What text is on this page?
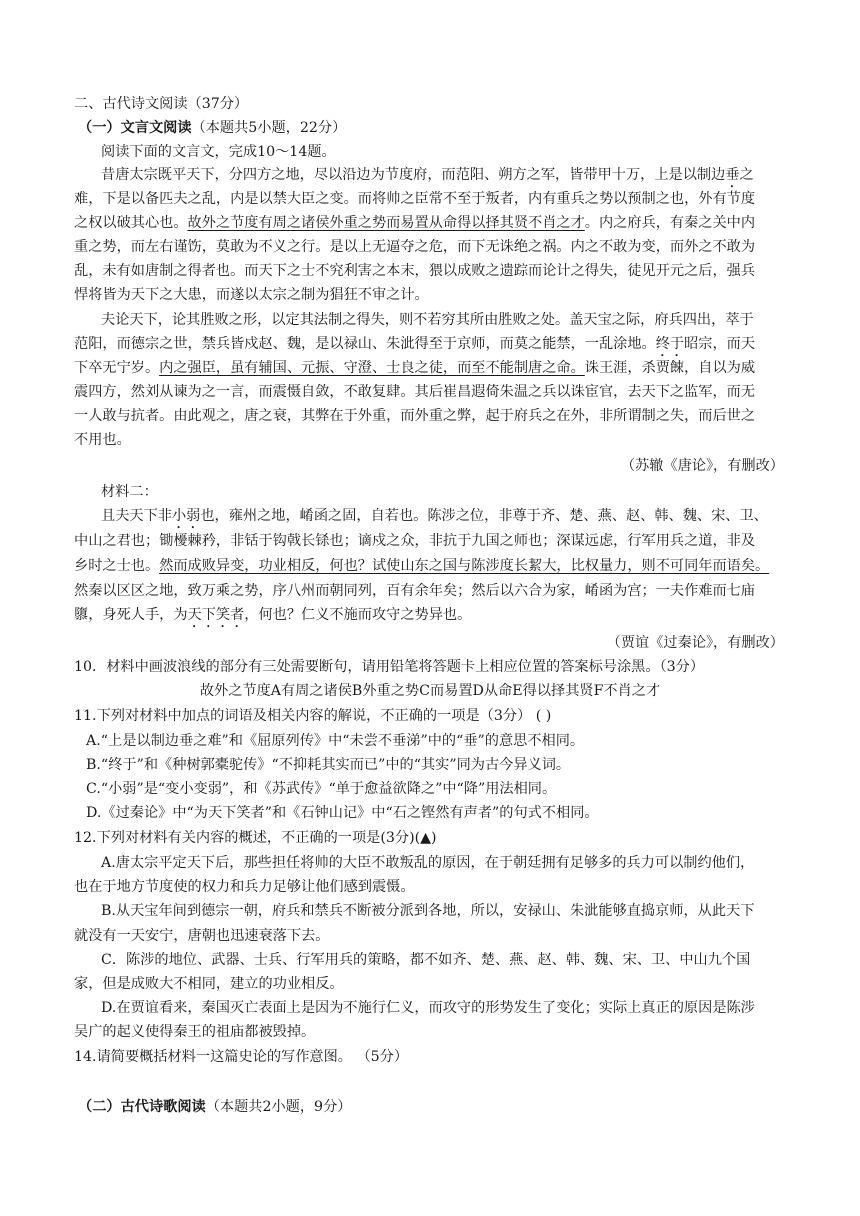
二、古代诗文阅读（37分）
（一）文言文阅读（本题共5小题，22分）
阅读下面的文言文，完成10～14题。
昔唐太宗既平天下，分四方之地，尽以沿边为节度府，而范阳、朔方之军，皆带甲十万，上是以制边垂之
难，下是以备匹夫之乱，内是以禁大臣之变。而将帅之臣常不至于叛者，内有重兵之势以预制之也，外有节度
之权以破其心也。故外之节度有周之诸侯外重之势而易置从命得以择其贤不肖之才。内之府兵，有秦之关中内
重之势，而左右谨饬，莫敢为不义之行。是以上无逼夺之危，而下无诛绝之祸。内之不敢为变，而外之不敢为
乱，未有如唐制之得者也。而天下之士不究利害之本末，猥以成败之遗踪而论计之得失，徒见开元之后，强兵
悍将皆为天下之大患，而遂以太宗之制为猖狂不审之计。
夫论天下，论其胜败之形，以定其法制之得失，则不若穷其所由胜败之处。盖天宝之际，府兵四出，萃于
范阳，而德宗之世，禁兵皆戍赵、魏，是以禄山、朱泚得至于京师，而莫之能禁，一乱涂地。终于昭宗，而天
下卒无宁岁。内之强臣，虽有辅国、元振、守澄、士良之徒，而至不能制唐之命。诛王涯，杀贾餗，自以为威
震四方，然刘从谏为之一言，而震慑自敛，不敢复肆。其后崔昌遐倚朱温之兵以诛宦官，去天下之监军，而无
一人敢与抗者。由此观之，唐之衰，其弊在于外重，而外重之弊，起于府兵之在外，非所谓制之失，而后世之
不用也。
（苏辙《唐论》，有删改）
材料二：
且夫天下非小弱也，雍州之地，崤函之固，自若也。陈涉之位，非尊于齐、楚、燕、赵、韩、魏、宋、卫、
中山之君也；锄櫌棘矜，非铦于钩戟长铩也；谪戍之众，非抗于九国之师也；深谋远虑，行军用兵之道，非及
乡时之士也。然而成败异变，功业相反，何也？试使山东之国与陈涉度长絜大，比权量力，则不可同年而语矣。
然秦以区区之地，致万乘之势，序八州而朝同列，百有余年矣；然后以六合为家，崤函为宫；一夫作难而七庙
隳，身死人手，为天下笑者，何也？仁义不施而攻守之势异也。
（贾谊《过秦论》，有删改）
10．材料中画波浪线的部分有三处需要断句，请用铅笔将答题卡上相应位置的答案标号涂黑。（3分）
故外之节度A有周之诸侯B外重之势C而易置D从命E得以择其贤F不肖之才
11.下列对材料中加点的词语及相关内容的解说，不正确的一项是（3分） ( )
A.“上是以制边垂之难”和《屈原列传》中“未尝不垂涕”中的“垂”的意思不相同。
B.“终于”和《种树郭橐驼传》“不抑耗其实而已”中的“其实”同为古今异义词。
C.“小弱”是“变小变弱”，和《苏武传》“单于愈益欲降之”中“降”用法相同。
D.《过秦论》中“为天下笑者”和《石钟山记》中“石之铿然有声者”的句式不相同。
12.下列对材料有关内容的概述，不正确的一项是(3分)(▲)
A.唐太宗平定天下后，那些担任将帅的大臣不敢叛乱的原因，在于朝廷拥有足够多的兵力可以制约他们，
也在于地方节度使的权力和兵力足够让他们感到震慑。
B.从天宝年间到德宗一朝，府兵和禁兵不断被分派到各地，所以，安禄山、朱泚能够直捣京师，从此天下
就没有一天安宁，唐朝也迅速衰落下去。
C．陈涉的地位、武器、士兵、行军用兵的策略，都不如齐、楚、燕、赵、韩、魏、宋、卫、中山九个国
家，但是成败大不相同，建立的功业相反。
D.在贾谊看来，秦国灭亡表面上是因为不施行仁义，而攻守的形势发生了变化；实际上真正的原因是陈涉
吴广的起义使得秦王的祖庙都被毁掉。
14.请简要概括材料一这篇史论的写作意图。 （5分）
（二）古代诗歌阅读（本题共2小题，9分）
